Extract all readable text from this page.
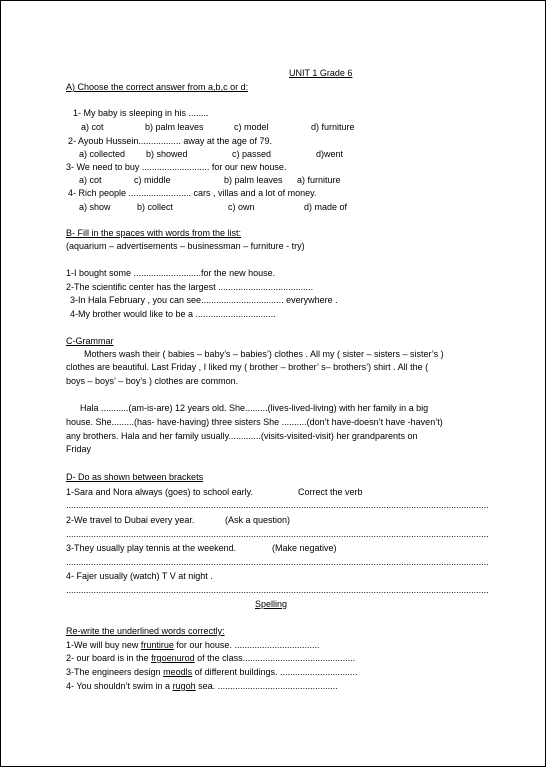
UNIT 1 Grade 6
A) Choose the correct answer from a,b,c or d:
1- My baby is sleeping in his ........
a) cot	b) palm leaves	c) model	d) furniture
2- Ayoub Hussein................. away at the age of 79.
a) collected b) showed	c) passed	d)went
3- We need to buy ........................... for our new house.
a) cot	c) middle	b) palm leaves a) furniture
4- Rich people ......................... cars , villas and a lot of money.
a) show	b) collect	c) own	d) made of
B- Fill in the spaces with words from the list:
(aquarium – advertisements – businessman – furniture - try)
1-I bought some ...........................for the new house.
2-The scientific center has the largest ......................................
3-In Hala February , you can see................................. everywhere .
4-My brother would like to be a ................................
C-Grammar
Mothers wash their ( babies – baby’s – babies’) clothes . All my ( sister – sisters – sister’s )
clothes are beautiful. Last Friday , I liked my ( brother – brother’ s– brothers’) shirt . All the (
boys – boys’ – boy’s ) clothes are common.
Hala ...........(am-is-are) 12 years old. She.........(lives-lived-living) with her family in a big
house. She.........(has- have-having) three sisters She ..........(don’t have-doesn’t have -haven’t)
any brothers. Hala and her family usually.............(visits-visited-visit) her grandparents on
Friday
D- Do as shown between brackets
1-Sara and Nora always (goes) to school early.	Correct the verb
.........................................................................................................................................................................
2-We travel to Dubai every year.	(Ask a question)
.........................................................................................................................................................................
3-They usually play tennis at the weekend.	(Make negative)
.........................................................................................................................................................................
4- Fajer usually (watch) T V at night .
.........................................................................................................................................................................
Spelling
Re-write the underlined words correctly:
1-We will buy new fruntirue for our house. ..................................
2- our board is in the frgoenurod of the class.............................................
3-The engineers design meodls of different buildings. ...............................
4- You shouldn’t swim in a rugoh sea. ................................................
